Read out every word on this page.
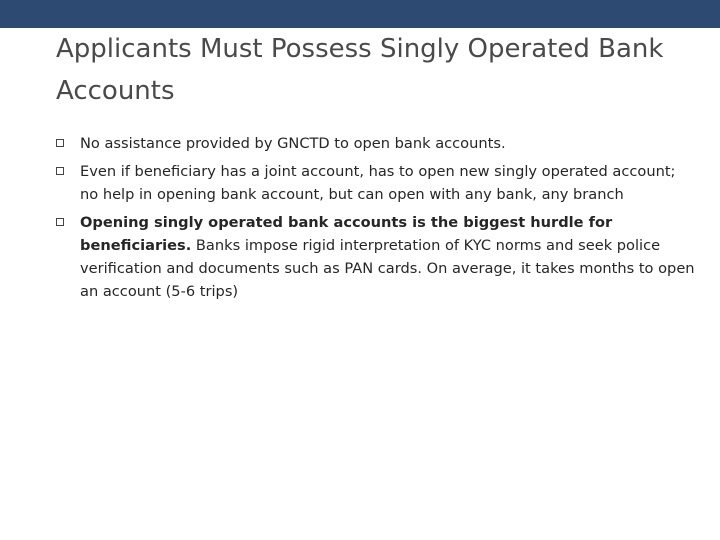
Applicants Must Possess Singly Operated Bank Accounts
No assistance provided by GNCTD to open bank accounts.
Even if beneficiary has a joint account, has to open new singly operated account; no help in opening bank account, but can open with any bank, any branch
Opening singly operated bank accounts is the biggest hurdle for beneficiaries. Banks impose rigid interpretation of KYC norms and seek police verification and documents such as PAN cards. On average, it takes months to open an account (5-6 trips)
